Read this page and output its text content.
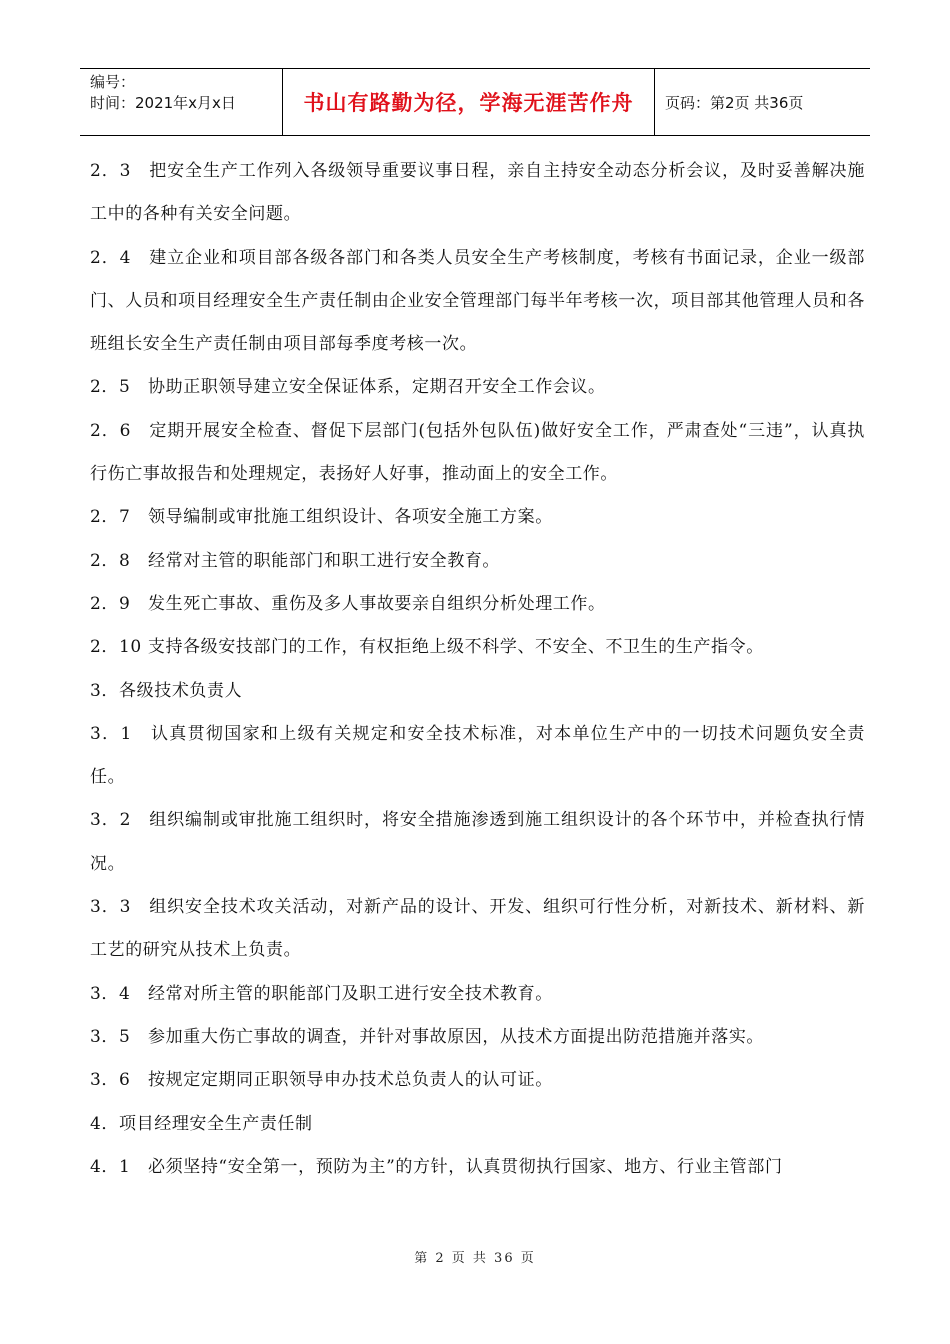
编号：
时间：2021年x月x日	书山有路勤为径，学海无涯苦作舟	页码：第2页 共36页

2．3　把安全生产工作列入各级领导重要议事日程，亲自主持安全动态分析会议，及时妥善解决施工中的各种有关安全问题。

2．4　建立企业和项目部各级各部门和各类人员安全生产考核制度，考核有书面记录，企业一级部门、人员和项目经理安全生产责任制由企业安全管理部门每半年考核一次，项目部其他管理人员和各班组长安全生产责任制由项目部每季度考核一次。

2．5　协助正职领导建立安全保证体系，定期召开安全工作会议。

2．6　定期开展安全检查、督促下层部门(包括外包队伍)做好安全工作，严肃查处“三违”，认真执行伤亡事故报告和处理规定，表扬好人好事，推动面上的安全工作。

2．7　领导编制或审批施工组织设计、各项安全施工方案。

2．8　经常对主管的职能部门和职工进行安全教育。

2．9　发生死亡事故、重伤及多人事故要亲自组织分析处理工作。

2．10 支持各级安技部门的工作，有权拒绝上级不科学、不安全、不卫生的生产指令。

3．各级技术负责人

3．1　认真贯彻国家和上级有关规定和安全技术标准，对本单位生产中的一切技术问题负安全责任。

3．2　组织编制或审批施工组织时，将安全措施渗透到施工组织设计的各个环节中，并检查执行情况。

3．3　组织安全技术攻关活动，对新产品的设计、开发、组织可行性分析，对新技术、新材料、新工艺的研究从技术上负责。

3．4　经常对所主管的职能部门及职工进行安全技术教育。

3．5　参加重大伤亡事故的调查，并针对事故原因，从技术方面提出防范措施并落实。

3．6　按规定定期同正职领导申办技术总负责人的认可证。

4．项目经理安全生产责任制

4．1　必须坚持“安全第一，预防为主”的方针，认真贯彻执行国家、地方、行业主管部门

第 2 页 共 36 页
